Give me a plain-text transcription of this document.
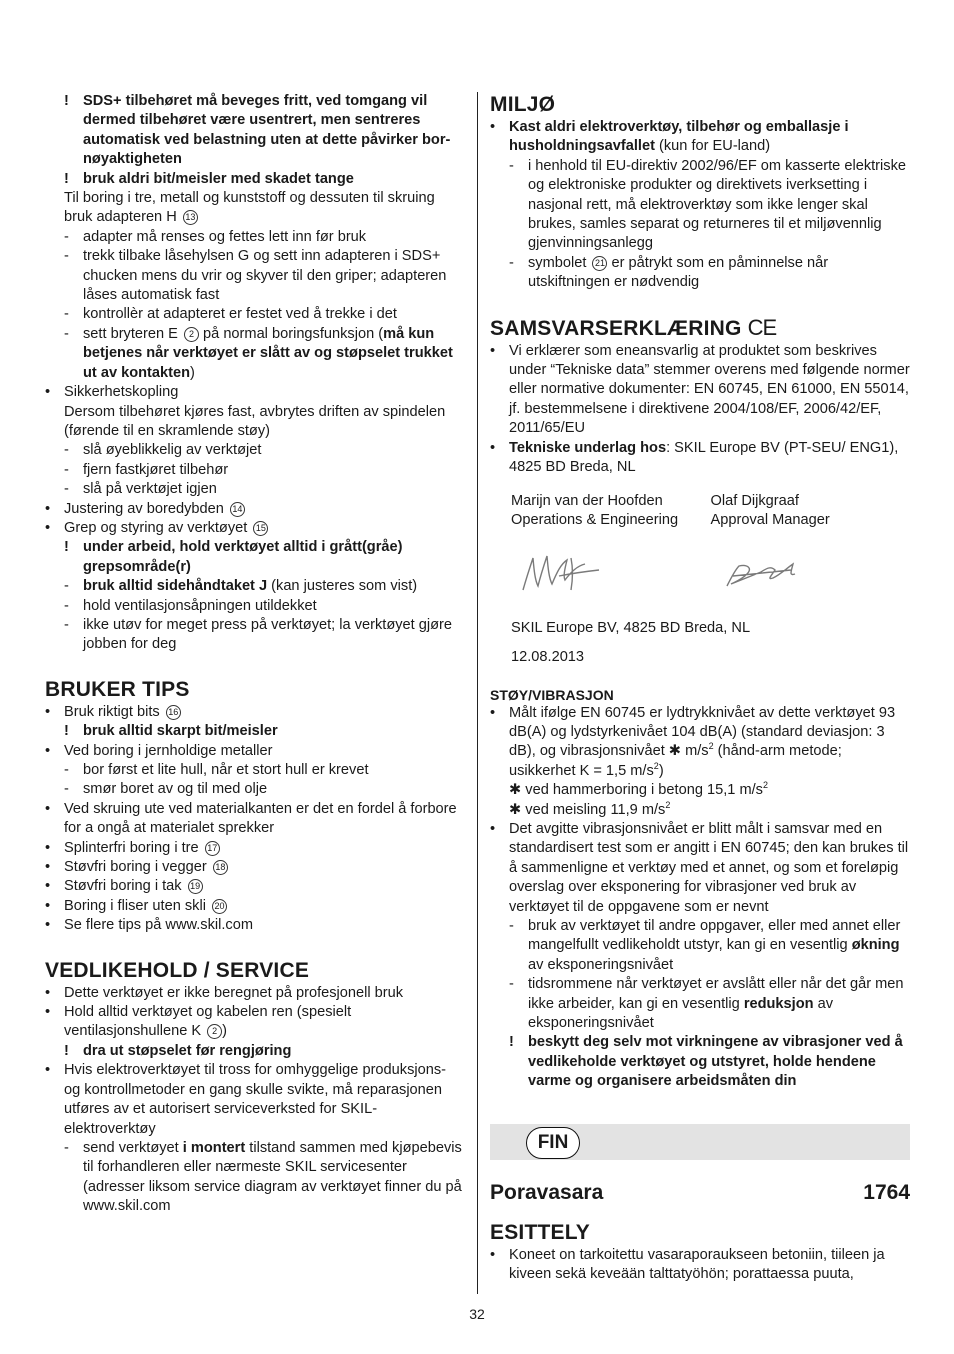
! SDS+ tilbehøret må beveges fritt, ved tomgang vil dermed tilbehøret være usentrert, men sentreres automatisk ved belastning uten at dette påvirker bor-nøyaktigheten

! bruk aldri bit/meisler med skadet tange

Til boring i tre, metall og kunststoff og dessuten til skruing bruk adapteren H 13

- adapter må renses og fettes lett inn før bruk

- trekk tilbake låsehylsen G og sett inn adapteren i SDS+ chucken mens du vrir og skyver til den griper; adapteren låses automatisk fast

- kontrollèr at adapteret er festet ved å trekke i det

- sett bryteren E 2 på normal boringsfunksjon (må kun betjenes når verktøyet er slått av og støpselet trukket ut av kontakten)

• Sikkerhetskopling

Dersom tilbehøret kjøres fast, avbrytes driften av spindelen (førende til en skramlende støy)

- slå øyeblikkelig av verktøjet

- fjern fastkjøret tilbehør

- slå på verktøjet igjen

• Justering av boredybden 14

• Grep og styring av verktøyet 15

! under arbeid, hold verktøyet alltid i grått(gråe) grepsområde(r)

- bruk alltid sidehåndtaket J (kan justeres som vist)

- hold ventilasjonsåpningen utildekket

- ikke utøv for meget press på verktøyet; la verktøyet gjøre jobben for deg

BRUKER TIPS

• Bruk riktigt bits 16

! bruk alltid skarpt bit/meisler

• Ved boring i jernholdige metaller

- bor først et lite hull, når et stort hull er krevet

- smør boret av og til med olje

• Ved skruing ute ved materialkanten er det en fordel å forbore for a ongå at materialet sprekker

• Splinterfri boring i tre 17

• Støvfri boring i vegger 18

• Støvfri boring i tak 19

• Boring i fliser uten skli 20

• Se flere tips på www.skil.com

VEDLIKEHOLD / SERVICE

• Dette verktøyet er ikke beregnet på profesjonell bruk

• Hold alltid verktøyet og kabelen ren (spesielt ventilasjonshullene K 2 )

! dra ut støpselet før rengjøring

• Hvis elektroverktøyet til tross for omhyggelige produksjons- og kontrollmetoder en gang skulle svikte, må reparasjonen utføres av et autorisert serviceverksted for SKIL-elektroverktøy

- send verktøyet i montert tilstand sammen med kjøpebevis til forhandleren eller nærmeste SKIL servicesenter (adresser liksom service diagram av verktøyet finner du på www.skil.com

MILJØ

• Kast aldri elektroverktøy, tilbehør og emballasje i husholdningsavfallet (kun for EU-land)

- i henhold til EU-direktiv 2002/96/EF om kasserte elektriske og elektroniske produkter og direktivets iverksetting i nasjonal rett, må elektroverktøy som ikke lenger skal brukes, samles separat og returneres til et miljøvennlig gjenvinningsanlegg

- symbolet 21 er påtrykt som en påminnelse når utskiftningen er nødvendig

SAMSVARSERKLÆRING CE

• Vi erklærer som eneansvarlig at produktet som beskrives under “Tekniske data” stemmer overens med følgende normer eller normative dokumenter: EN 60745, EN 61000, EN 55014, jf. bestemmelsene i direktivene 2004/108/EF, 2006/42/EF, 2011/65/EU

• Tekniske underlag hos: SKIL Europe BV (PT-SEU/ ENG1), 4825 BD Breda, NL

Marijn van der Hoofden
Operations & Engineering
Olaf Dijkgraaf
Approval Manager
SKIL Europe BV, 4825 BD Breda, NL
12.08.2013
STØY/VIBRASJON

• Målt ifølge EN 60745 er lydtrykknivået av dette verktøyet 93 dB(A) og lydstyrkenivået 104 dB(A) (standard deviasjon: 3 dB), og vibrasjonsnivået ✱ $m/s^2$ (hånd-arm metode; usikkerhet K = 1,5 $m/s^2$)

✱ ved hammerboring i betong 15,1 $m/s^2$

✱ ved meisling 11,9 $m/s^2$

• Det avgitte vibrasjonsnivået er blitt målt i samsvar med en standardisert test som er angitt i EN 60745; den kan brukes til å sammenligne et verktøy med et annet, og som et foreløpig overslag over eksponering for vibrasjoner ved bruk av verktøyet til de oppgavene som er nevnt

- bruk av verktøyet til andre oppgaver, eller med annet eller mangelfullt vedlikeholdt utstyr, kan gi en vesentlig økning av eksponeringsnivået

- tidsrommene når verktøyet er avslått eller når det går men ikke arbeider, kan gi en vesentlig reduksjon av eksponeringsnivået

! beskytt deg selv mot virkningene av vibrasjoner ved å vedlikeholde verktøyet og utstyret, holde hendene varme og organisere arbeidsmåten din

FIN
Poravasara	1764
ESITTELY

• Koneet on tarkoitettu vasaraporaukseen betoniin, tiileen ja kiveen sekä keveään talttatyöhön; porattaessa puuta,

32
